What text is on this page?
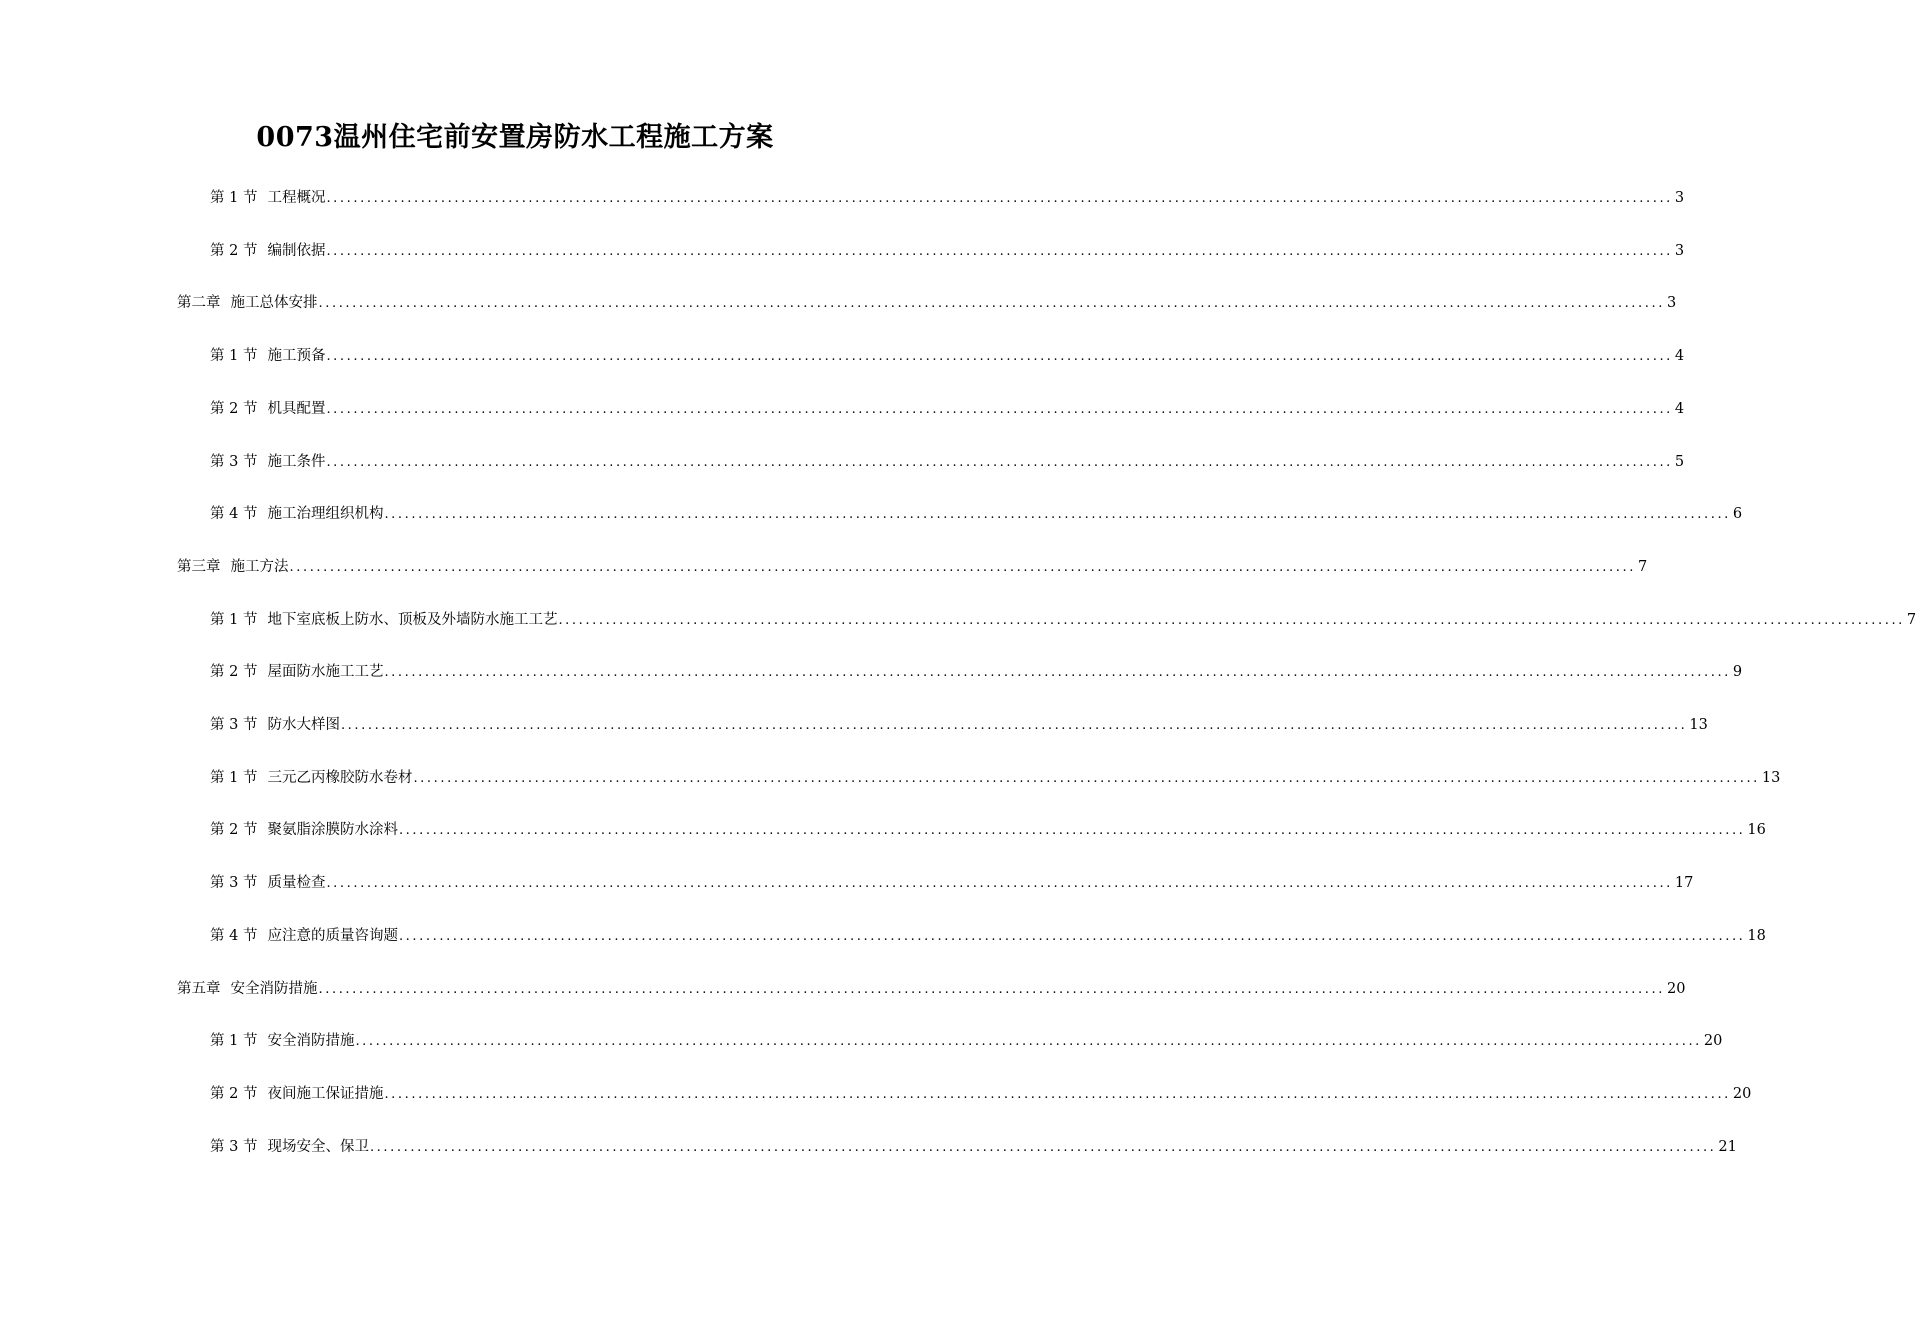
0073温州住宅前安置房防水工程施工方案
第 1 节 工程概况 ........................................................................................................................................................................................................ 3
第 2 节 编制依据 ........................................................................................................................................................................................................ 3
第二章 施工总体安排 ........................................................................................................................................................................................................ 3
第 1 节 施工预备 ........................................................................................................................................................................................................ 4
第 2 节 机具配置 ........................................................................................................................................................................................................ 4
第 3 节 施工条件 ........................................................................................................................................................................................................ 5
第 4 节 施工治理组织机构 ........................................................................................................................................................................................................ 6
第三章 施工方法 ........................................................................................................................................................................................................ 7
第 1 节 地下室底板上防水、顶板及外墙防水施工工艺 ........................................................................................................................................................................................................ 7
第 2 节 屋面防水施工工艺 ........................................................................................................................................................................................................ 9
第 3 节 防水大样图 ........................................................................................................................................................................................................ 13
第 1 节 三元乙丙橡胶防水卷材 ........................................................................................................................................................................................................ 13
第 2 节 聚氨脂涂膜防水涂料 ........................................................................................................................................................................................................ 16
第 3 节 质量检查 ........................................................................................................................................................................................................ 17
第 4 节 应注意的质量咨询题 ........................................................................................................................................................................................................ 18
第五章 安全消防措施 ........................................................................................................................................................................................................ 20
第 1 节 安全消防措施 ........................................................................................................................................................................................................ 20
第 2 节 夜间施工保证措施 ........................................................................................................................................................................................................ 20
第 3 节 现场安全、保卫 ........................................................................................................................................................................................................ 21
